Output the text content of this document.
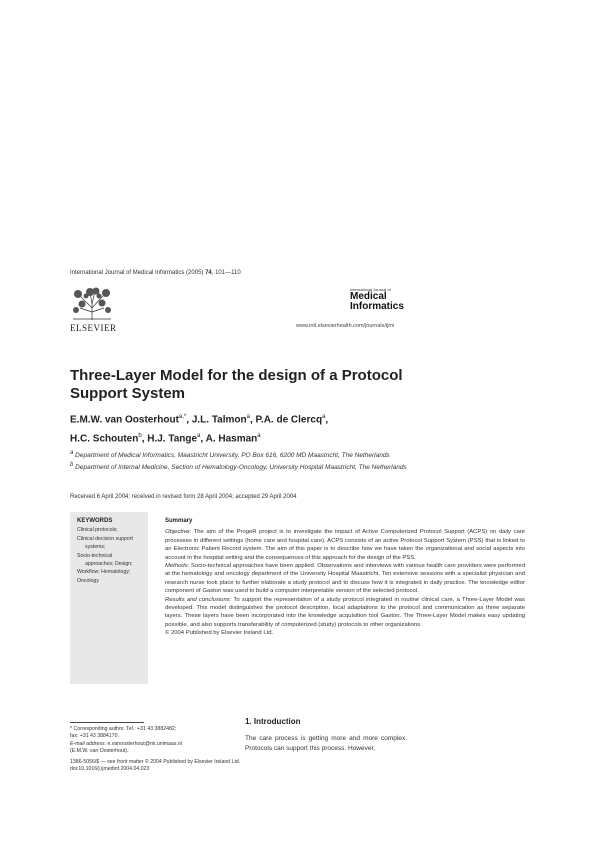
International Journal of Medical Informatics (2005) 74, 101—110
ELSEVIER
International Journal of
Medical
Informatics
www.intl.elsevierhealth.com/journals/ijmi
Three-Layer Model for the design of a Protocol Support System
E.M.W. van Oosterhout$^{a,*}$, J.L. Talmon$^a$, P.A. de Clercq$^a$,
H.C. Schouten$^b$, H.J. Tange$^a$, A. Hasman$^a$

$^a$ Department of Medical Informatics, Maastricht University, PO Box 616, 6200 MD Maastricht, The Netherlands

$^b$ Department of Internal Medicine, Section of Hematology-Oncology, University Hospital Maastricht, The Netherlands

Received 6 April 2004; received in revised form 28 April 2004; accepted 29 April 2004
KEYWORDS
Clinical protocols;
Clinical decision support
systems;
Socio-technical
approaches; Design;
Workflow; Hematology;
Oncology
Summary

Objective: The aim of the ProgeR project is to investigate the impact of Active Computerized Protocol Support (ACPS) on daily care processes in different settings (home care and hospital care). ACPS consists of an active Protocol Support System (PSS) that is linked to an Electronic Patient Record system. The aim of this paper is to describe how we have taken the organizational and social aspects into account in the hospital setting and the consequences of this approach for the design of the PSS.

Methods: Socio-technical approaches have been applied. Observations and interviews with various health care providers were performed at the hematology and oncology department of the University Hospital Maastricht. Ten extensive sessions with a specialist physician and research nurse took place to further elaborate a study protocol and to discuss how it is integrated in daily practice. The knowledge editor component of Gaston was used to build a computer interpretable version of the selected protocol.

Results and conclusions: To support the representation of a study protocol integrated in routine clinical care, a Three-Layer Model was developed. This model distinguishes the protocol description, local adaptations to the protocol and communication as three separate layers. These layers have been incorporated into the knowledge acquisition tool Gaston. The Three-Layer Model makes easy updating possible, and also supports transferability of computerized (study) protocols to other organizations.

© 2004 Published by Elsevier Ireland Ltd.

* Corresponding author. Tel.: +31 43 3882482;

fax: +31 43 3884170.

E-mail address: e.vanoosterhout@mi.unimaas.nl

(E.M.W. van Oosterhout).

1. Introduction
The care process is getting more and more complex. Protocols can support this process. However,

1386-5056/$ — see front matter © 2004 Published by Elsevier Ireland Ltd.

doi:10.1016/j.ijmedinf.2004.04.023
